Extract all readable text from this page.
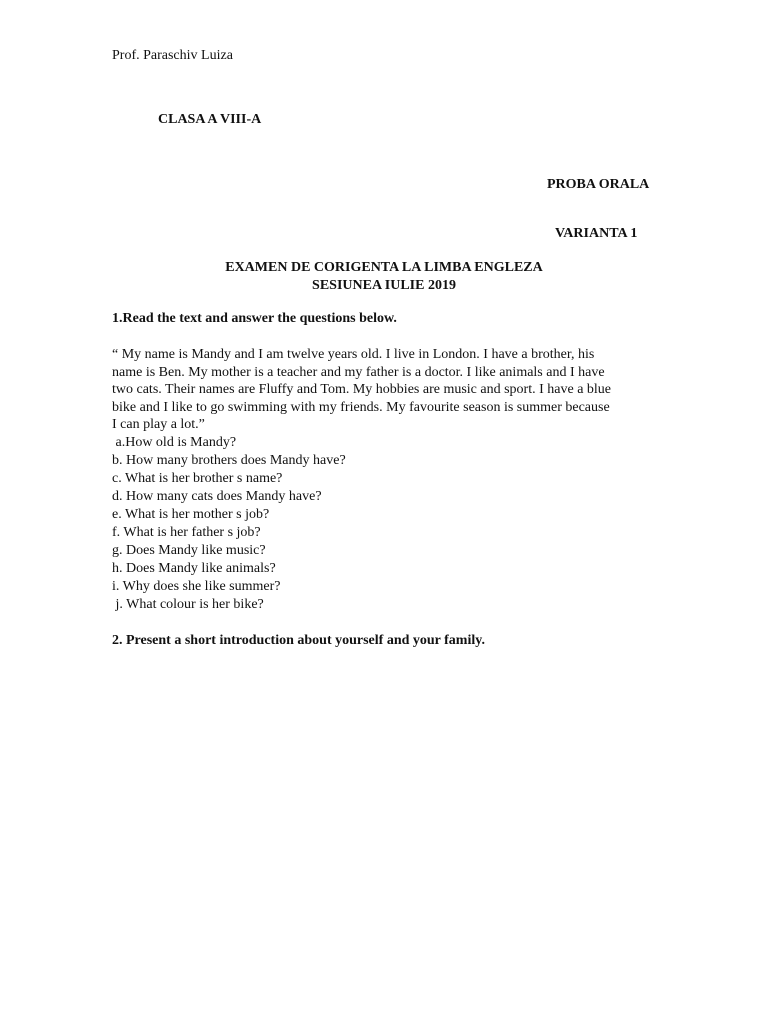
Prof. Paraschiv Luiza
CLASA A VIII-A
PROBA ORALA
VARIANTA 1
EXAMEN DE CORIGENTA LA LIMBA ENGLEZA
SESIUNEA IULIE 2019
1.Read the text and answer the questions below.
“ My name is Mandy and I am twelve years old. I live in London. I have a brother, his
name is Ben. My mother is a teacher and my father is a doctor. I like animals and I have
two cats. Their names are Fluffy and Tom. My hobbies are music and sport. I have a blue
bike and I like to go swimming with my friends. My favourite season is summer because
I can play a lot.”
a.How old is Mandy?
b. How many brothers does Mandy have?
c. What is her brother s name?
d. How many cats does Mandy have?
e. What is her mother s job?
f. What is her father s job?
g. Does Mandy like music?
h. Does Mandy like animals?
i. Why does she like summer?
j. What colour is her bike?
2. Present a short introduction about yourself and your family.
